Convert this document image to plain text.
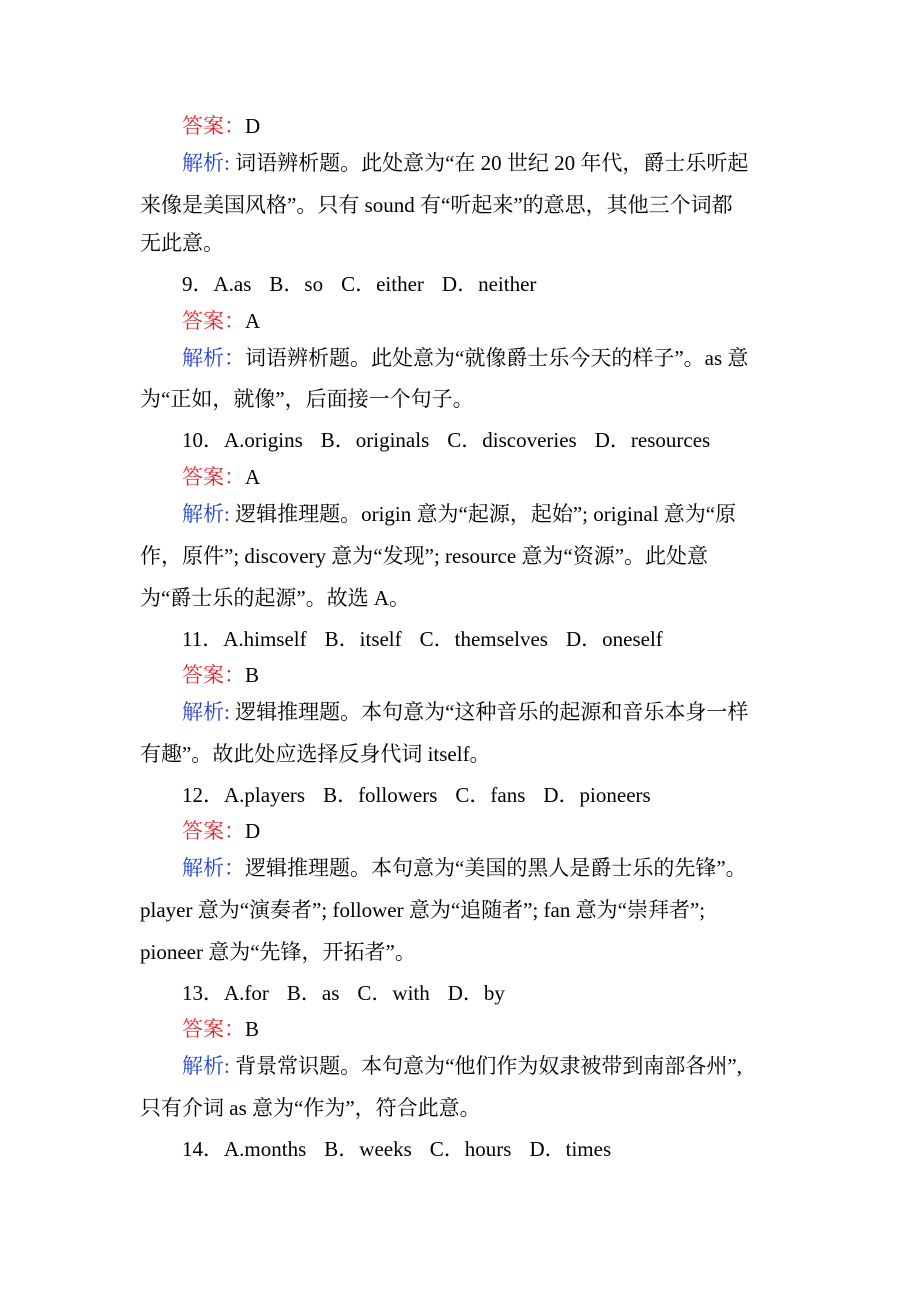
答案：D
解析: 词语辨析题。此处意为“在 20 世纪 20 年代，爵士乐听起
来像是美国风格”。只有 sound 有“听起来”的意思，其他三个词都
无此意。
9．A.as B．so C．either D．neither
答案：A
解析：词语辨析题。此处意为“就像爵士乐今天的样子”。as 意
为“正如，就像”，后面接一个句子。
10．A.origins B．originals C．discoveries D．resources
答案：A
解析: 逻辑推理题。origin 意为“起源，起始”; original 意为“原
作，原件”; discovery 意为“发现”; resource 意为“资源”。此处意
为“爵士乐的起源”。故选 A。
11．A.himself B．itself C．themselves D．oneself
答案：B
解析: 逻辑推理题。本句意为“这种音乐的起源和音乐本身一样
有趣”。故此处应选择反身代词 itself。
12．A.players B．followers C．fans D．pioneers
答案：D
解析：逻辑推理题。本句意为“美国的黑人是爵士乐的先锋”。
player 意为“演奏者”; follower 意为“追随者”; fan 意为“崇拜者”;
pioneer 意为“先锋，开拓者”。
13．A.for B．as C．with D．by
答案：B
解析: 背景常识题。本句意为“他们作为奴隶被带到南部各州”,
只有介词 as 意为“作为”，符合此意。
14．A.months B．weeks C．hours D．times
